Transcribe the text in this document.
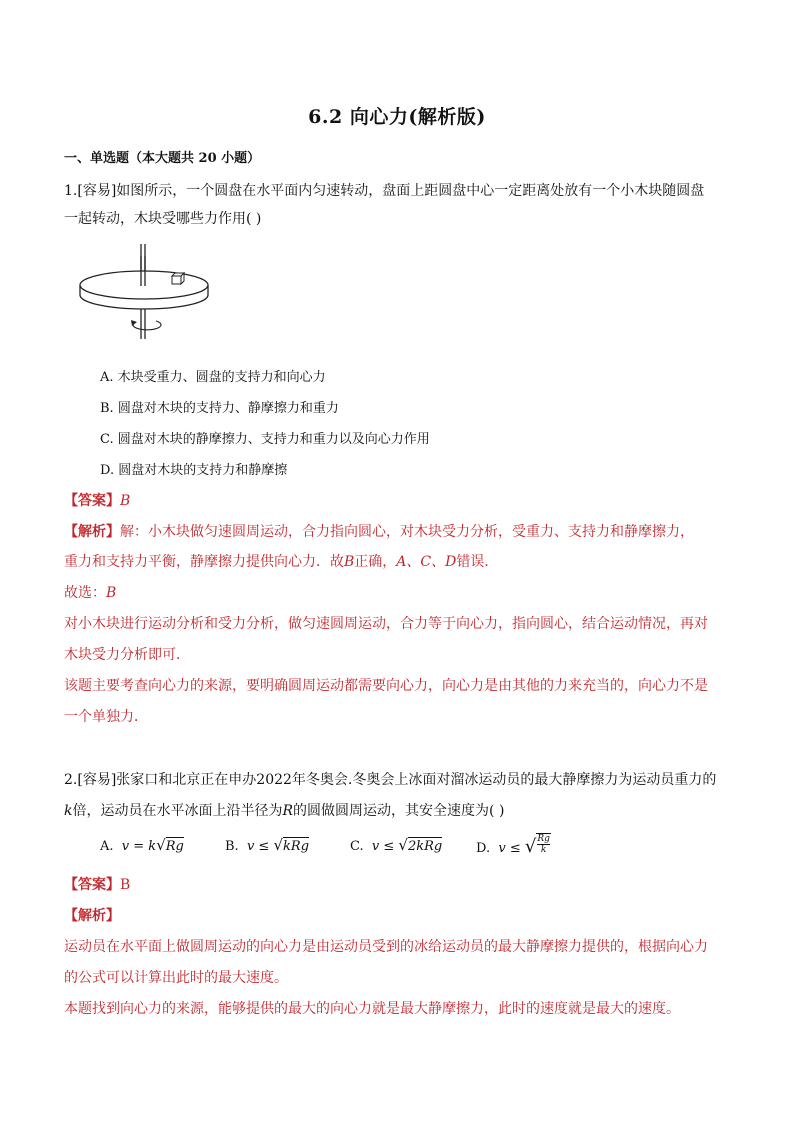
6.2 向心力(解析版)
一、单选题（本大题共 20 小题）
1.[容易]如图所示，一个圆盘在水平面内匀速转动，盘面上距圆盘中心一定距离处放有一个小木块随圆盘
一起转动，木块受哪些力作用( )
A. 木块受重力、圆盘的支持力和向心力
B. 圆盘对木块的支持力、静摩擦力和重力
C. 圆盘对木块的静摩擦力、支持力和重力以及向心力作用
D. 圆盘对木块的支持力和静摩擦
【答案】B
【解析】解：小木块做匀速圆周运动，合力指向圆心，对木块受力分析，受重力、支持力和静摩擦力，
重力和支持力平衡，静摩擦力提供向心力．故B正确，A、C、D错误．
故选：B
对小木块进行运动分析和受力分析，做匀速圆周运动，合力等于向心力，指向圆心，结合运动情况，再对
木块受力分析即可．
该题主要考查向心力的来源，要明确圆周运动都需要向心力，向心力是由其他的力来充当的，向心力不是
一个单独力．
2.[容易]张家口和北京正在申办2022年冬奥会.冬奥会上冰面对溜冰运动员的最大静摩擦力为运动员重力的
k倍，运动员在水平冰面上沿半径为R的圆做圆周运动，其安全速度为( )
A. v = k√Rg	B. v ≤ √kRg	C. v ≤ √2kRg	D. v ≤ √ $\frac{Rg}{k}$
【答案】B
【解析】
运动员在水平面上做圆周运动的向心力是由运动员受到的冰给运动员的最大静摩擦力提供的，根据向心力
的公式可以计算出此时的最大速度。
本题找到向心力的来源，能够提供的最大的向心力就是最大静摩擦力，此时的速度就是最大的速度。
